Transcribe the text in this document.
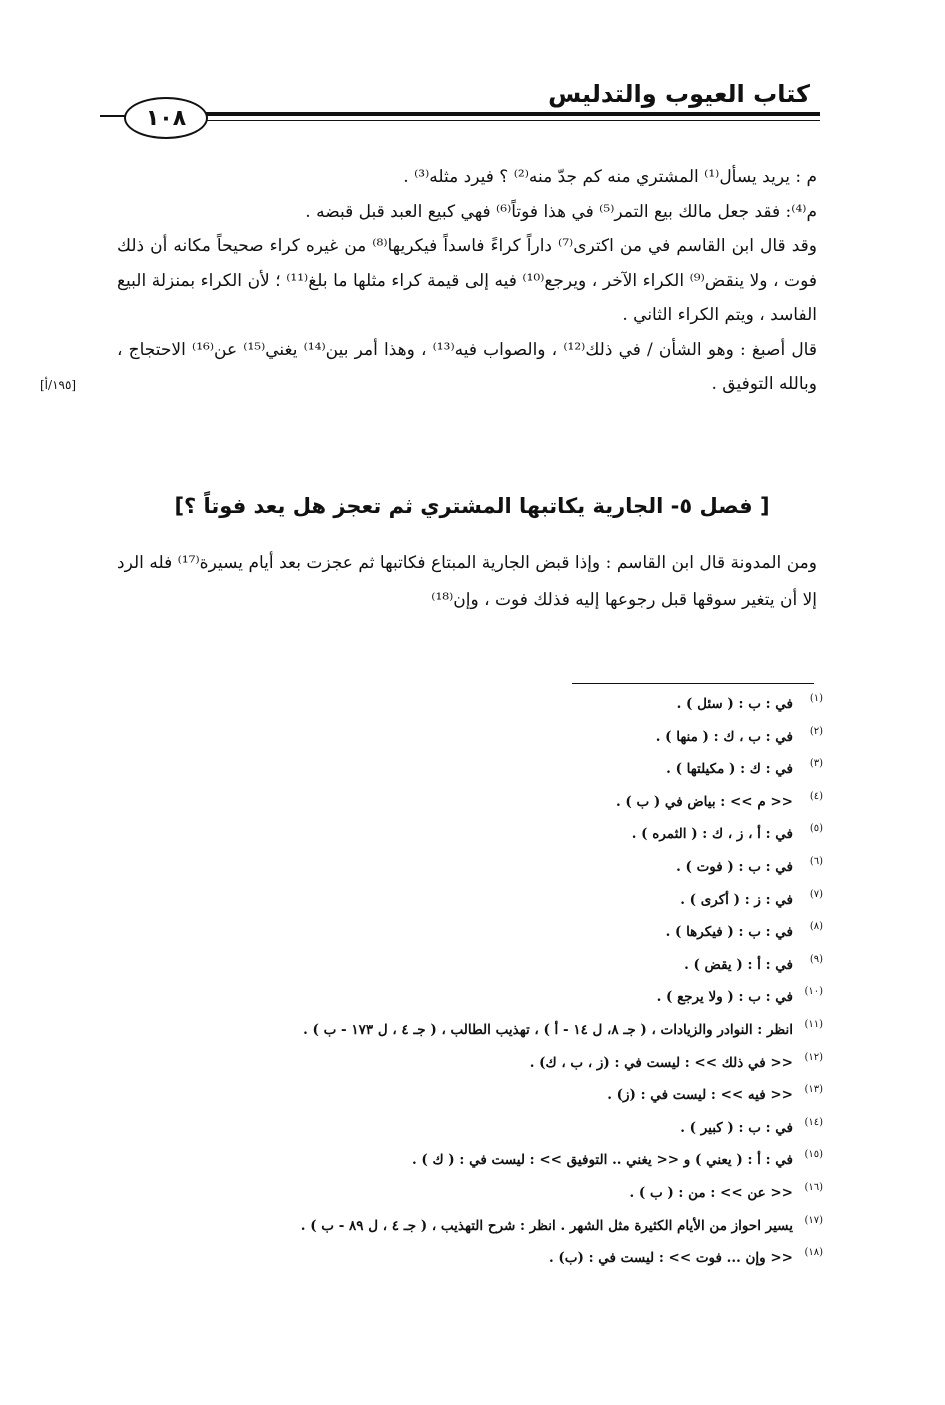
كتاب العيوب والتدليس
١٠٨

م : يريد يسأل⁽¹⁾ المشتري منه كم جدّ منه⁽²⁾ ؟ فيرد مثله⁽³⁾ .

م⁽⁴⁾: فقد جعل مالك بيع التمر⁽⁵⁾ في هذا فوتاً⁽⁶⁾ فهي كبيع العبد قبل قبضه .

وقد قال ابن القاسم في من اكترى⁽⁷⁾ داراً كراءً فاسداً فيكريها⁽⁸⁾ من غيره كراء صحيحاً مكانه أن ذلك فوت ، ولا ينقض⁽⁹⁾ الكراء الآخر ، ويرجع⁽¹⁰⁾ فيه إلى قيمة كراء مثلها ما بلغ⁽¹¹⁾ ؛ لأن الكراء بمنزلة البيع الفاسد ، ويتم الكراء الثاني .

قال أصبغ : وهو الشأن / في ذلك⁽¹²⁾ ، والصواب فيه⁽¹³⁾ ، وهذا أمر بين⁽¹⁴⁾ يغني⁽¹⁵⁾ عن⁽¹⁶⁾ الاحتجاج ، وبالله التوفيق .

[١٩٥/أ]
[ فصل ٥- الجارية يكاتبها المشتري ثم تعجز هل يعد فوتاً ؟]

ومن المدونة قال ابن القاسم : وإذا قبض الجارية المبتاع فكاتبها ثم عجزت بعد أيام يسيرة⁽¹⁷⁾ فله الرد إلا أن يتغير سوقها قبل رجوعها إليه فذلك فوت ، وإن⁽¹⁸⁾

(١)في : ب : ( سئل ) .
(٢)في : ب ، ك : ( منها ) .
(٣)في : ك : ( مكيلتها ) .
(٤)<< م >> : بياض في ( ب ) .
(٥)في : أ ، ز ، ك : ( الثمره ) .
(٦)في : ب : ( فوت ) .
(٧)في : ز : ( أكرى ) .
(٨)في : ب : ( فيكرها ) .
(٩)في : أ : ( يقض ) .
(١٠)في : ب : ( ولا يرجع ) .
(١١)انظر : النوادر والزيادات ، ( جـ ٨، ل ١٤ - أ ) ، تهذيب الطالب ، ( جـ ٤ ، ل ١٧٣ - ب ) .
(١٢)<< في ذلك >> : ليست في : (ز ، ب ، ك) .
(١٣)<< فيه >> : ليست في : (ز) .
(١٤)في : ب : ( كبير ) .
(١٥)في : أ : ( يعني ) و << يغني .. التوفيق >> : ليست في : ( ك ) .
(١٦)<< عن >> : من : ( ب ) .
(١٧)يسير احواز من الأيام الكثيرة مثل الشهر . انظر : شرح التهذيب ، ( جـ ٤ ، ل ٨٩ - ب ) .
(١٨)<< وإن ... فوت >> : ليست في : (ب) .
